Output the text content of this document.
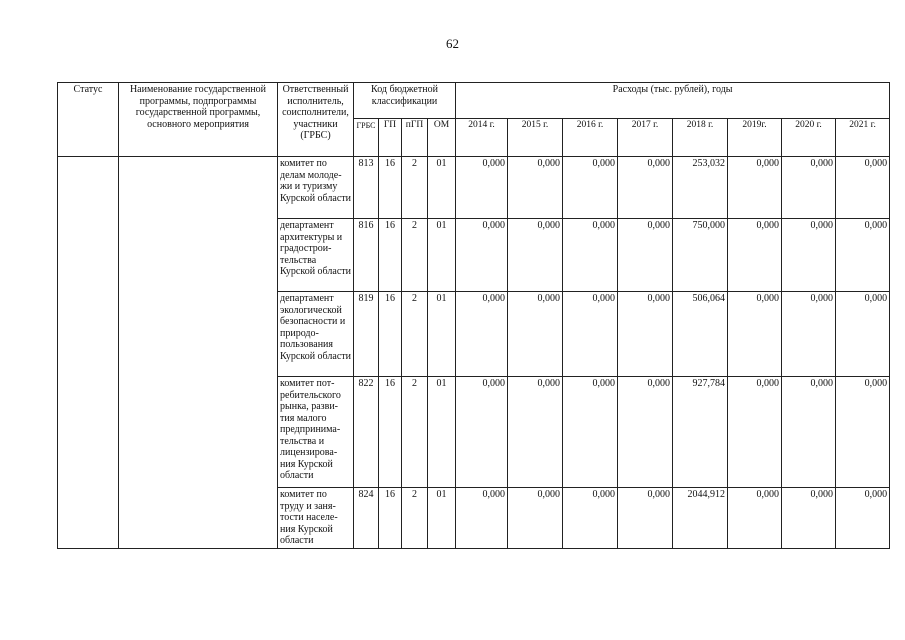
62
Статус	Наименование государственной программы, подпрограммы государственной программы, основного мероприятия	Ответственный исполнитель, соисполнители, участники (ГРБС)	Код бюджетной классификации				Расходы (тыс. рублей), годы							
			ГРБС	ГП	пГП	ОМ	2014 г.	2015 г.	2016 г.	2017 г.	2018 г.	2019г.	2020 г.	2021 г.
		комитет по делам молоде-жи и туризму Курской области	813	16	2	01	0,000	0,000	0,000	0,000	253,032	0,000	0,000	0,000
		департамент архитектуры и градострои-тельства Курской области	816	16	2	01	0,000	0,000	0,000	0,000	750,000	0,000	0,000	0,000
		департамент экологической безопасности и природо-пользования Курской области	819	16	2	01	0,000	0,000	0,000	0,000	506,064	0,000	0,000	0,000
		комитет пот-ребительского рынка, разви-тия малого предпринима-тельства и лицензирова-ния Курской области	822	16	2	01	0,000	0,000	0,000	0,000	927,784	0,000	0,000	0,000
		комитет по труду и заня-тости населе-ния Курской области	824	16	2	01	0,000	0,000	0,000	0,000	2044,912	0,000	0,000	0,000
